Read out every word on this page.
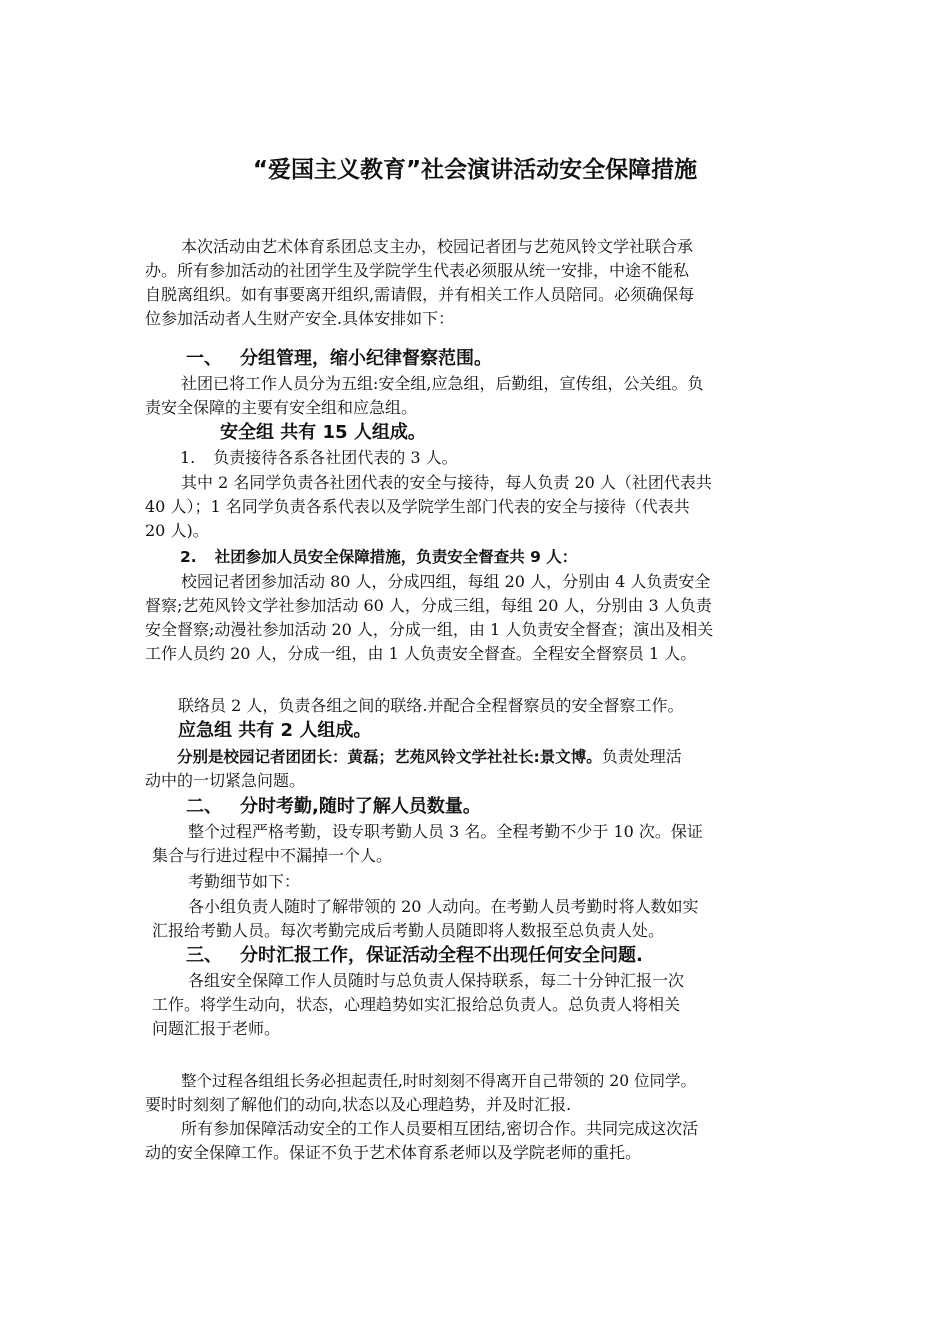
“爱国主义教育”社会演讲活动安全保障措施
本次活动由艺术体育系团总支主办，校园记者团与艺苑风铃文学社联合承
办。所有参加活动的社团学生及学院学生代表必须服从统一安排，中途不能私
自脱离组织。如有事要离开组织,需请假，并有相关工作人员陪同。必须确保每
位参加活动者人生财产安全.具体安排如下：
一、 分组管理，缩小纪律督察范围。
社团已将工作人员分为五组:安全组,应急组，后勤组，宣传组，公关组。负
责安全保障的主要有安全组和应急组。
安全组 共有 15 人组成。
1. 负责接待各系各社团代表的 3 人。
其中 2 名同学负责各社团代表的安全与接待，每人负责 20 人（社团代表共
40 人）；1 名同学负责各系代表以及学院学生部门代表的安全与接待（代表共
20 人)。
2. 社团参加人员安全保障措施，负责安全督查共 9 人：
校园记者团参加活动 80 人，分成四组，每组 20 人，分别由 4 人负责安全
督察;艺苑风铃文学社参加活动 60 人，分成三组，每组 20 人，分别由 3 人负责
安全督察;动漫社参加活动 20 人，分成一组，由 1 人负责安全督查；演出及相关
工作人员约 20 人，分成一组，由 1 人负责安全督查。全程安全督察员 1 人。
联络员 2 人，负责各组之间的联络.并配合全程督察员的安全督察工作。
应急组 共有 2 人组成。
分别是校园记者团团长：黄磊；艺苑风铃文学社社长:景文博。负责处理活
动中的一切紧急问题。
二、 分时考勤,随时了解人员数量。
整个过程严格考勤，设专职考勤人员 3 名。全程考勤不少于 10 次。保证
集合与行进过程中不漏掉一个人。
考勤细节如下：
各小组负责人随时了解带领的 20 人动向。在考勤人员考勤时将人数如实
汇报给考勤人员。每次考勤完成后考勤人员随即将人数报至总负责人处。
三、 分时汇报工作，保证活动全程不出现任何安全问题.
各组安全保障工作人员随时与总负责人保持联系，每二十分钟汇报一次
工作。将学生动向，状态，心理趋势如实汇报给总负责人。总负责人将相关
问题汇报于老师。
整个过程各组组长务必担起责任,时时刻刻不得离开自己带领的 20 位同学。
要时时刻刻了解他们的动向,状态以及心理趋势，并及时汇报.
所有参加保障活动安全的工作人员要相互团结,密切合作。共同完成这次活
动的安全保障工作。保证不负于艺术体育系老师以及学院老师的重托。
